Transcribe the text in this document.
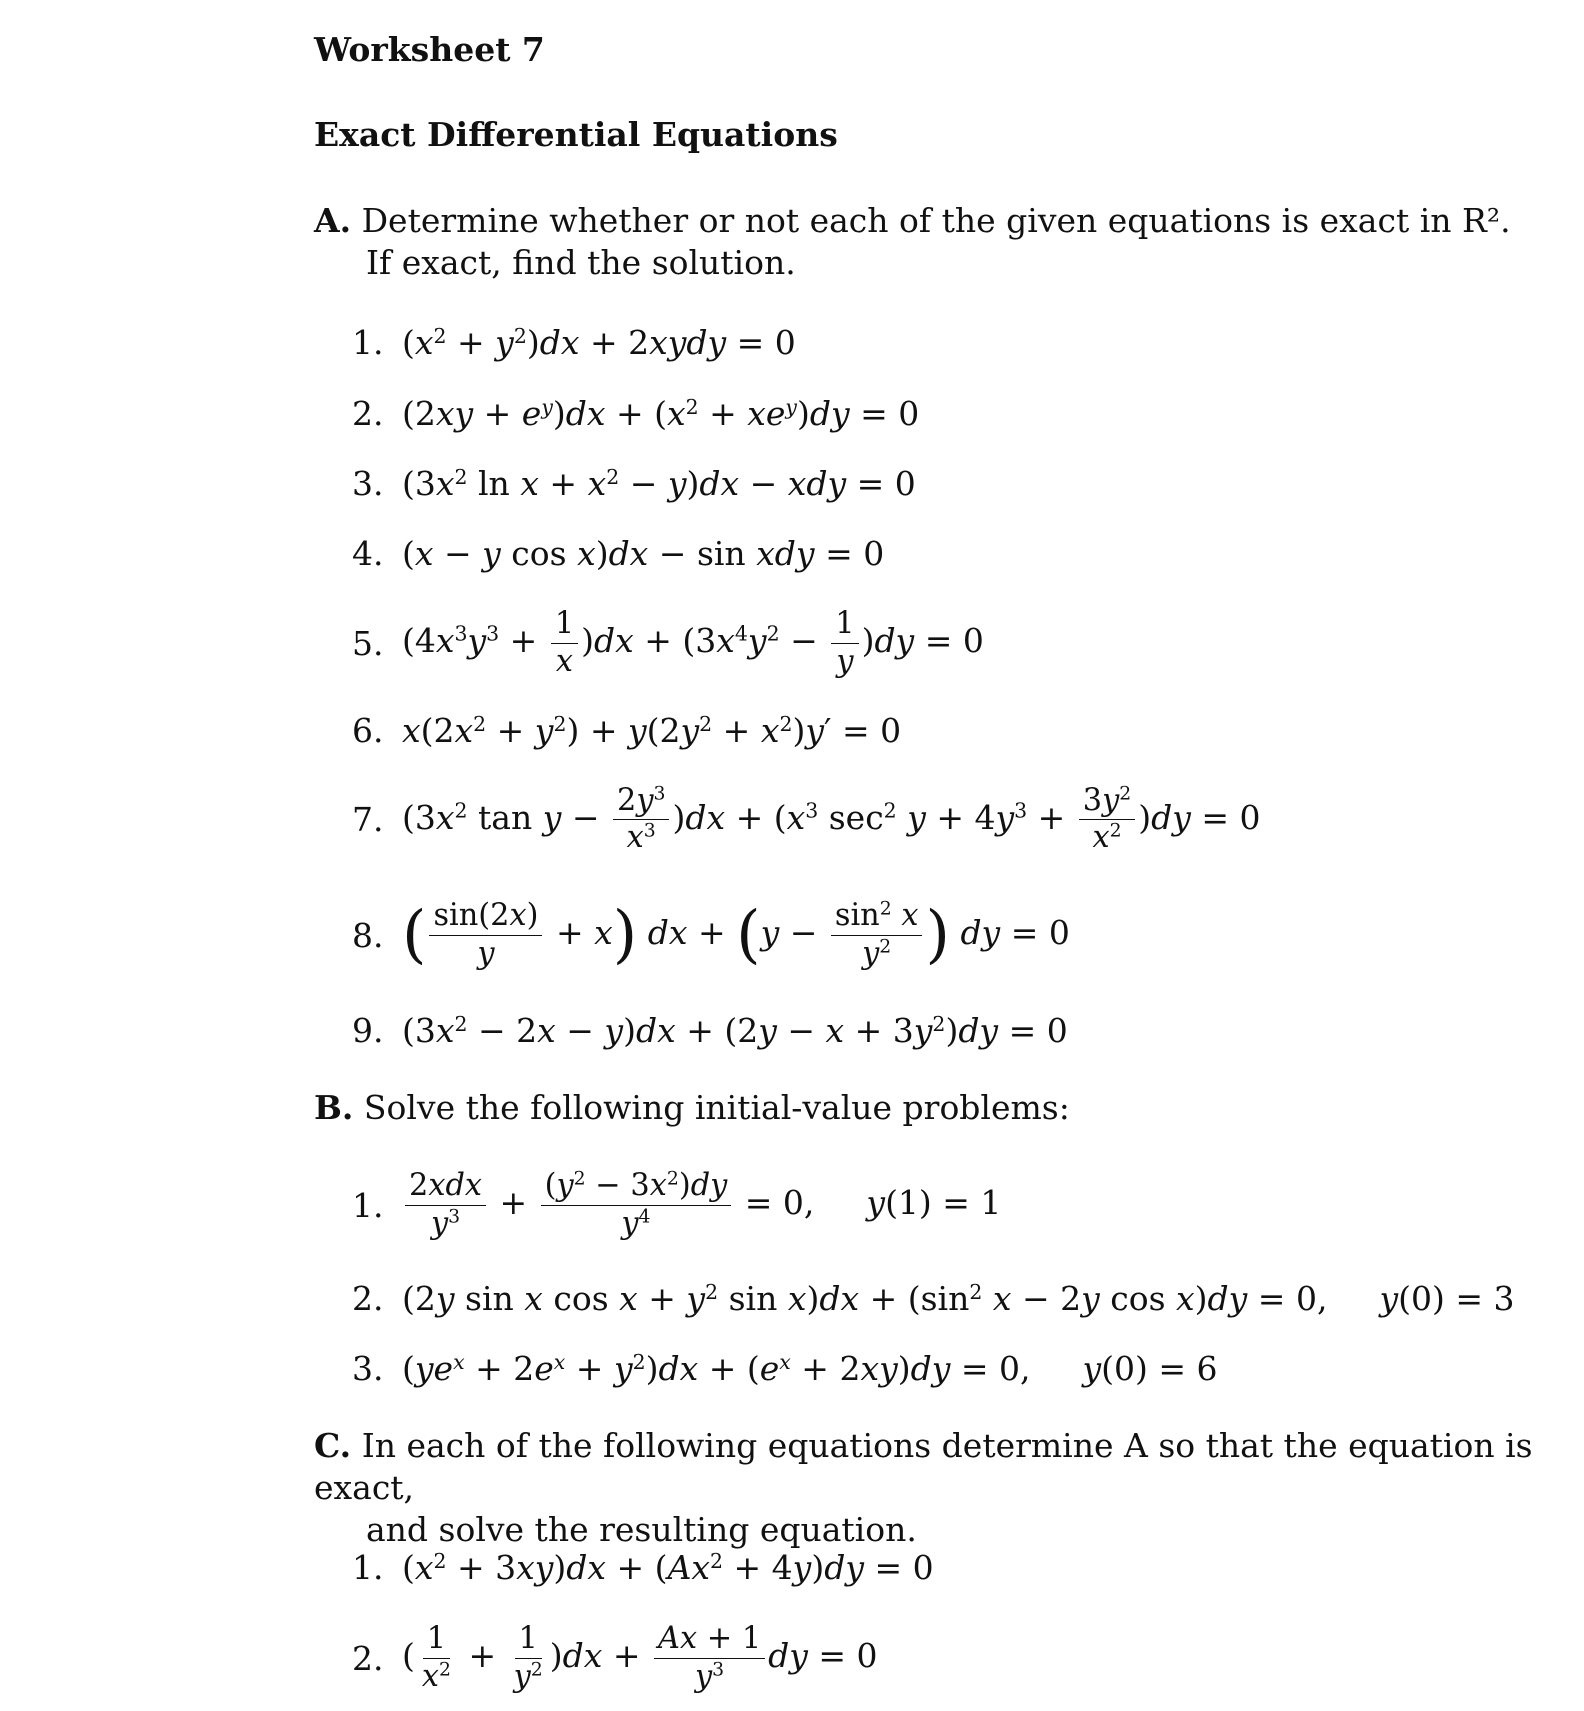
Worksheet 7
Exact Differential Equations
A. Determine whether or not each of the given equations is exact in R².
If exact, find the solution.
1. $(x^2 + y^2)dx$ + 2xydy = 0
2. $(2xy + e^y)dx + (x^2 + xe^y)dy = 0$
3. ($3x^2$ $\ln x + x^2 - y)dx$ − xdy = 0
4. (x − y cos x)dx − sin xdy = 0
5. $(4x^3y^3 + \frac{1}{x} )dx + (3x^4y^2 - \frac{1}{y} )dy = 0$
6. $x(2x^2 + y^2) + y(2y^2 + x^2)y' = 0$
7. ($3x^2$ $\tan y - \frac{2y^3}{x^3} )dx + (x^3$ $\sec^2 y + 4y^3 + \frac{3y^2}{x^2} )dy = 0$
8. ( $\frac{\sin(2x)}{y} + x$) dx + ($y - \frac{\sin^2 x}{y^2}$ ) dy = 0
9. $(3x^2 - 2x - y)dx + (2y - x + 3y^2)dy = 0$
B. Solve the following initial-value problems:
1. $\frac{\text{2xdx}}{y^3} + \frac{(y^2 - 3x^2)dy}{y^4} = 0$, y(1) = 1
2. (2y sin x $\cos x + y^2$ $\sin x)dx + (\sin^2$ x − 2y cos x)dy = 0, y(0) = 3
3. $(ye^x + 2e^x + y^2)dx + (e^x + 2xy)dy = 0$, y(0) = 6
C. In each of the following equations determine A so that the equation is exact,
and solve the resulting equation.
1. $(x^2 + 3xy)dx + (Ax^2 + 4y)dy = 0$
2. ( $\frac{1}{x^2} + \frac{1}{y^2} )dx + \frac{Ax + 1}{y^3}$ dy = 0
